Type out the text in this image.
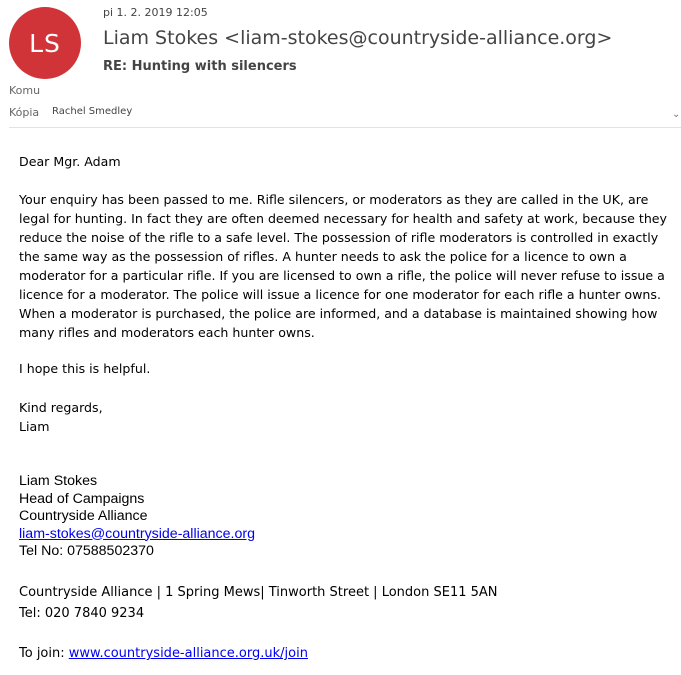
LS
pi 1. 2. 2019 12:05
Liam Stokes <liam-stokes@countryside-alliance.org>
RE: Hunting with silencers
Komu
Kópia Rachel Smedley	⌄

Dear Mgr. Adam

Your enquiry has been passed to me. Rifle silencers, or moderators as they are called in the UK, are legal for hunting. In fact they are often deemed necessary for health and safety at work, because they reduce the noise of the rifle to a safe level. The possession of rifle moderators is controlled in exactly the same way as the possession of rifles. A hunter needs to ask the police for a licence to own a moderator for a particular rifle. If you are licensed to own a rifle, the police will never refuse to issue a licence for a moderator. The police will issue a licence for one moderator for each rifle a hunter owns. When a moderator is purchased, the police are informed, and a database is maintained showing how many rifles and moderators each hunter owns.

I hope this is helpful.

Kind regards,

Liam

Liam Stokes
Head of Campaigns
Countryside Alliance
liam-stokes@countryside-alliance.org
Tel No: 07588502370
Countryside Alliance | 1 Spring Mews| Tinworth Street | London SE11 5AN
Tel: 020 7840 9234
To join: www.countryside-alliance.org.uk/join
